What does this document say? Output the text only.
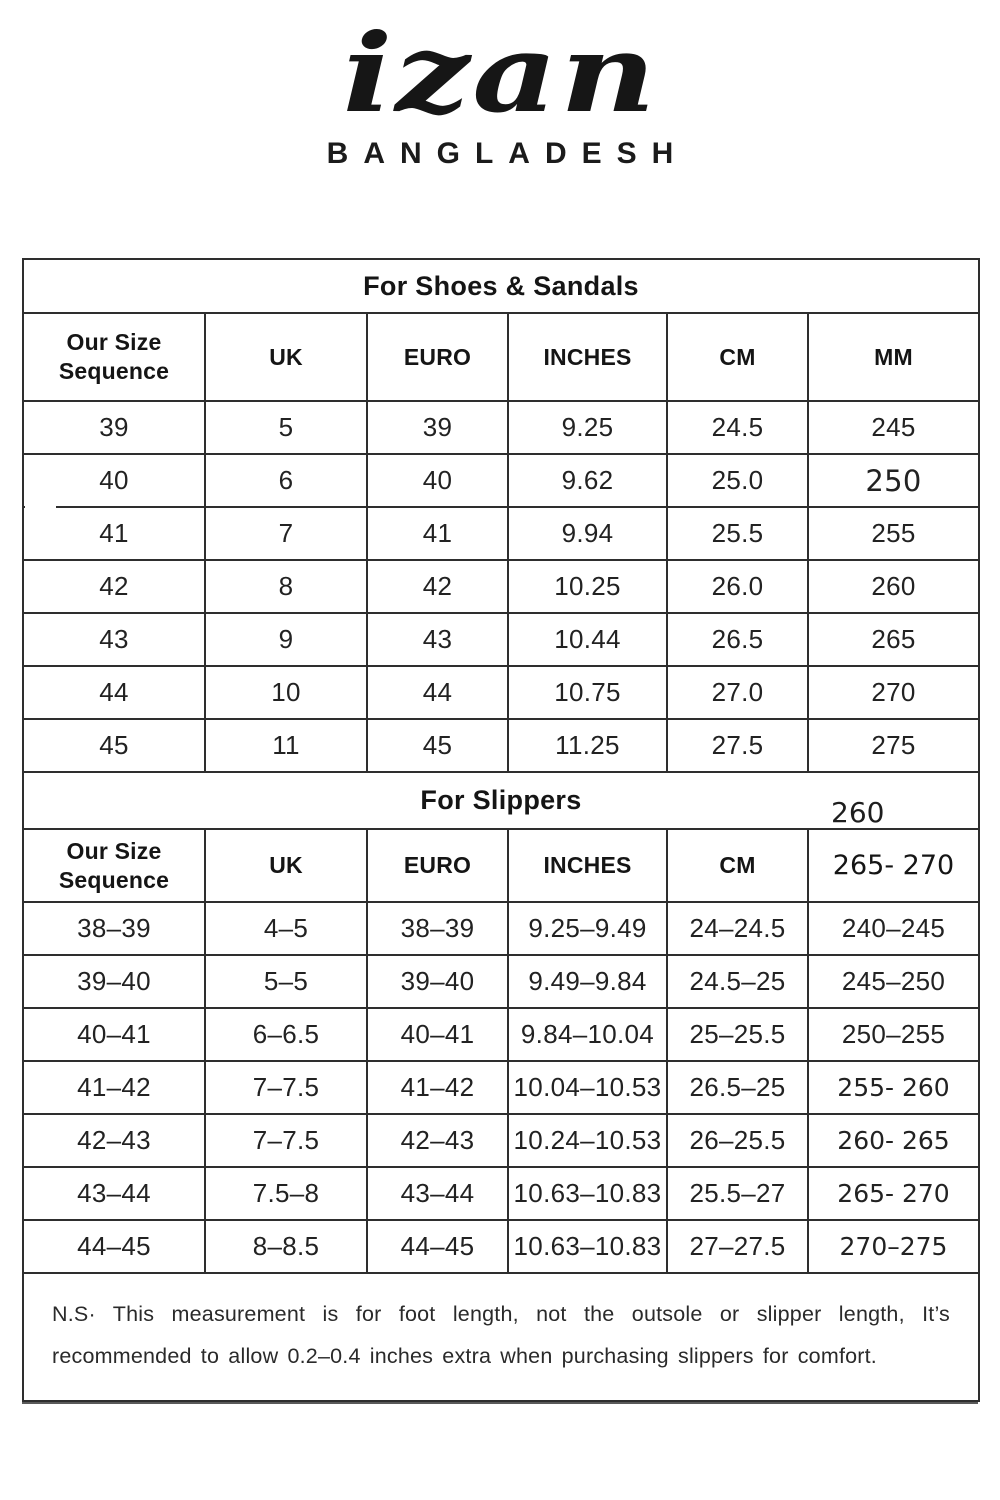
izan
BANGLADESH
For Shoes & Sandals					
Our Size Sequence	UK	EURO	INCHES	CM	MM
39	5	39	9.25	24.5	245
40	6	40	9.62	25.0	250
41	7	41	9.94	25.5	255
42	8	42	10.25	26.0	260
43	9	43	10.44	26.5	265
44	10	44	10.75	27.0	270
45	11	45	11.25	27.5	275
For Slippers					
Our Size Sequence	UK	EURO	INCHES	CM	265- 270
38–39	4–5	38–39	9.25–9.49	24–24.5	240–245
39–40	5–5	39–40	9.49–9.84	24.5–25	245–250
40–41	6–6.5	40–41	9.84–10.04	25–25.5	250–255
41–42	7–7.5	41–42	10.04–10.53	26.5–25	255- 260
42–43	7–7.5	42–43	10.24–10.53	26–25.5	260- 265
43–44	7.5–8	43–44	10.63–10.83	25.5–27	265- 270
44–45	8–8.5	44–45	10.63–10.83	27–27.5	270–275
N.S· This measurement is for foot length, not the outsole or slipper length, It’s recommended to allow 0.2–0.4 inches extra when purchasing slippers for comfort.					
260
